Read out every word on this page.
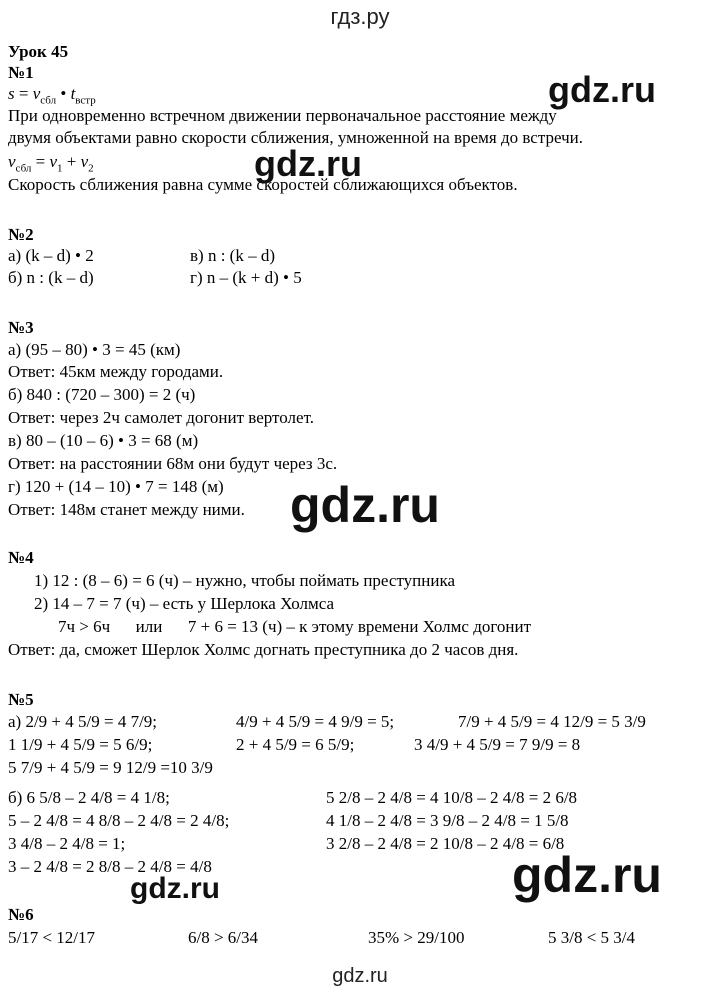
гдз.ру
Урок 45
№1
$s = v_{сбл}$ • $t_{встр}$
При одновременно встречном движении первоначальное расстояние между
двумя объектами равно скорости сближения, умноженной на время до встречи.
$v_{сбл} = v_1 + v_2$
Скорость сближения равна сумме скоростей сближающихся объектов.
№2
а) (k – d) • 2	в) n : (k – d)
б) n : (k – d)	г) n – (k + d) • 5
№3
а) (95 – 80) • 3 = 45 (км)
Ответ: 45км между городами.
б) 840 : (720 – 300) = 2 (ч)
Ответ: через 2ч самолет догонит вертолет.
в) 80 – (10 – 6) • 3 = 68 (м)
Ответ: на расстоянии 68м они будут через 3с.
г) 120 + (14 – 10) • 7 = 148 (м)
Ответ: 148м станет между ними.
№4
1) 12 : (8 – 6) = 6 (ч) – нужно, чтобы поймать преступника
2) 14 – 7 = 7 (ч) – есть у Шерлока Холмса
7ч > 6ч      или      7 + 6 = 13 (ч) – к этому времени Холмс догонит
Ответ: да, сможет Шерлок Холмс догнать преступника до 2 часов дня.
№5
а) 2/9 + 4 5/9 = 4 7/9;	4/9 + 4 5/9 = 4 9/9 = 5;	7/9 + 4 5/9 = 4 12/9 = 5 3/9
1 1/9 + 4 5/9 = 5 6/9;	2 + 4 5/9 = 6 5/9;	3 4/9 + 4 5/9 = 7 9/9 = 8
5 7/9 + 4 5/9 = 9 12/9 =10 3/9
б) 6 5/8 – 2 4/8 = 4 1/8;	5 2/8 – 2 4/8 = 4 10/8 – 2 4/8 = 2 6/8
5 – 2 4/8 = 4 8/8 – 2 4/8 = 2 4/8;	4 1/8 – 2 4/8 = 3 9/8 – 2 4/8 = 1 5/8
3 4/8 – 2 4/8 = 1;	3 2/8 – 2 4/8 = 2 10/8 – 2 4/8 = 6/8
3 – 2 4/8 = 2 8/8 – 2 4/8 = 4/8
№6
5/17 < 12/17	6/8 > 6/34	35% > 29/100	5 3/8 < 5 3/4
gdz.ru
gdz.ru
gdz.ru
gdz.ru
gdz.ru
gdz.ru
